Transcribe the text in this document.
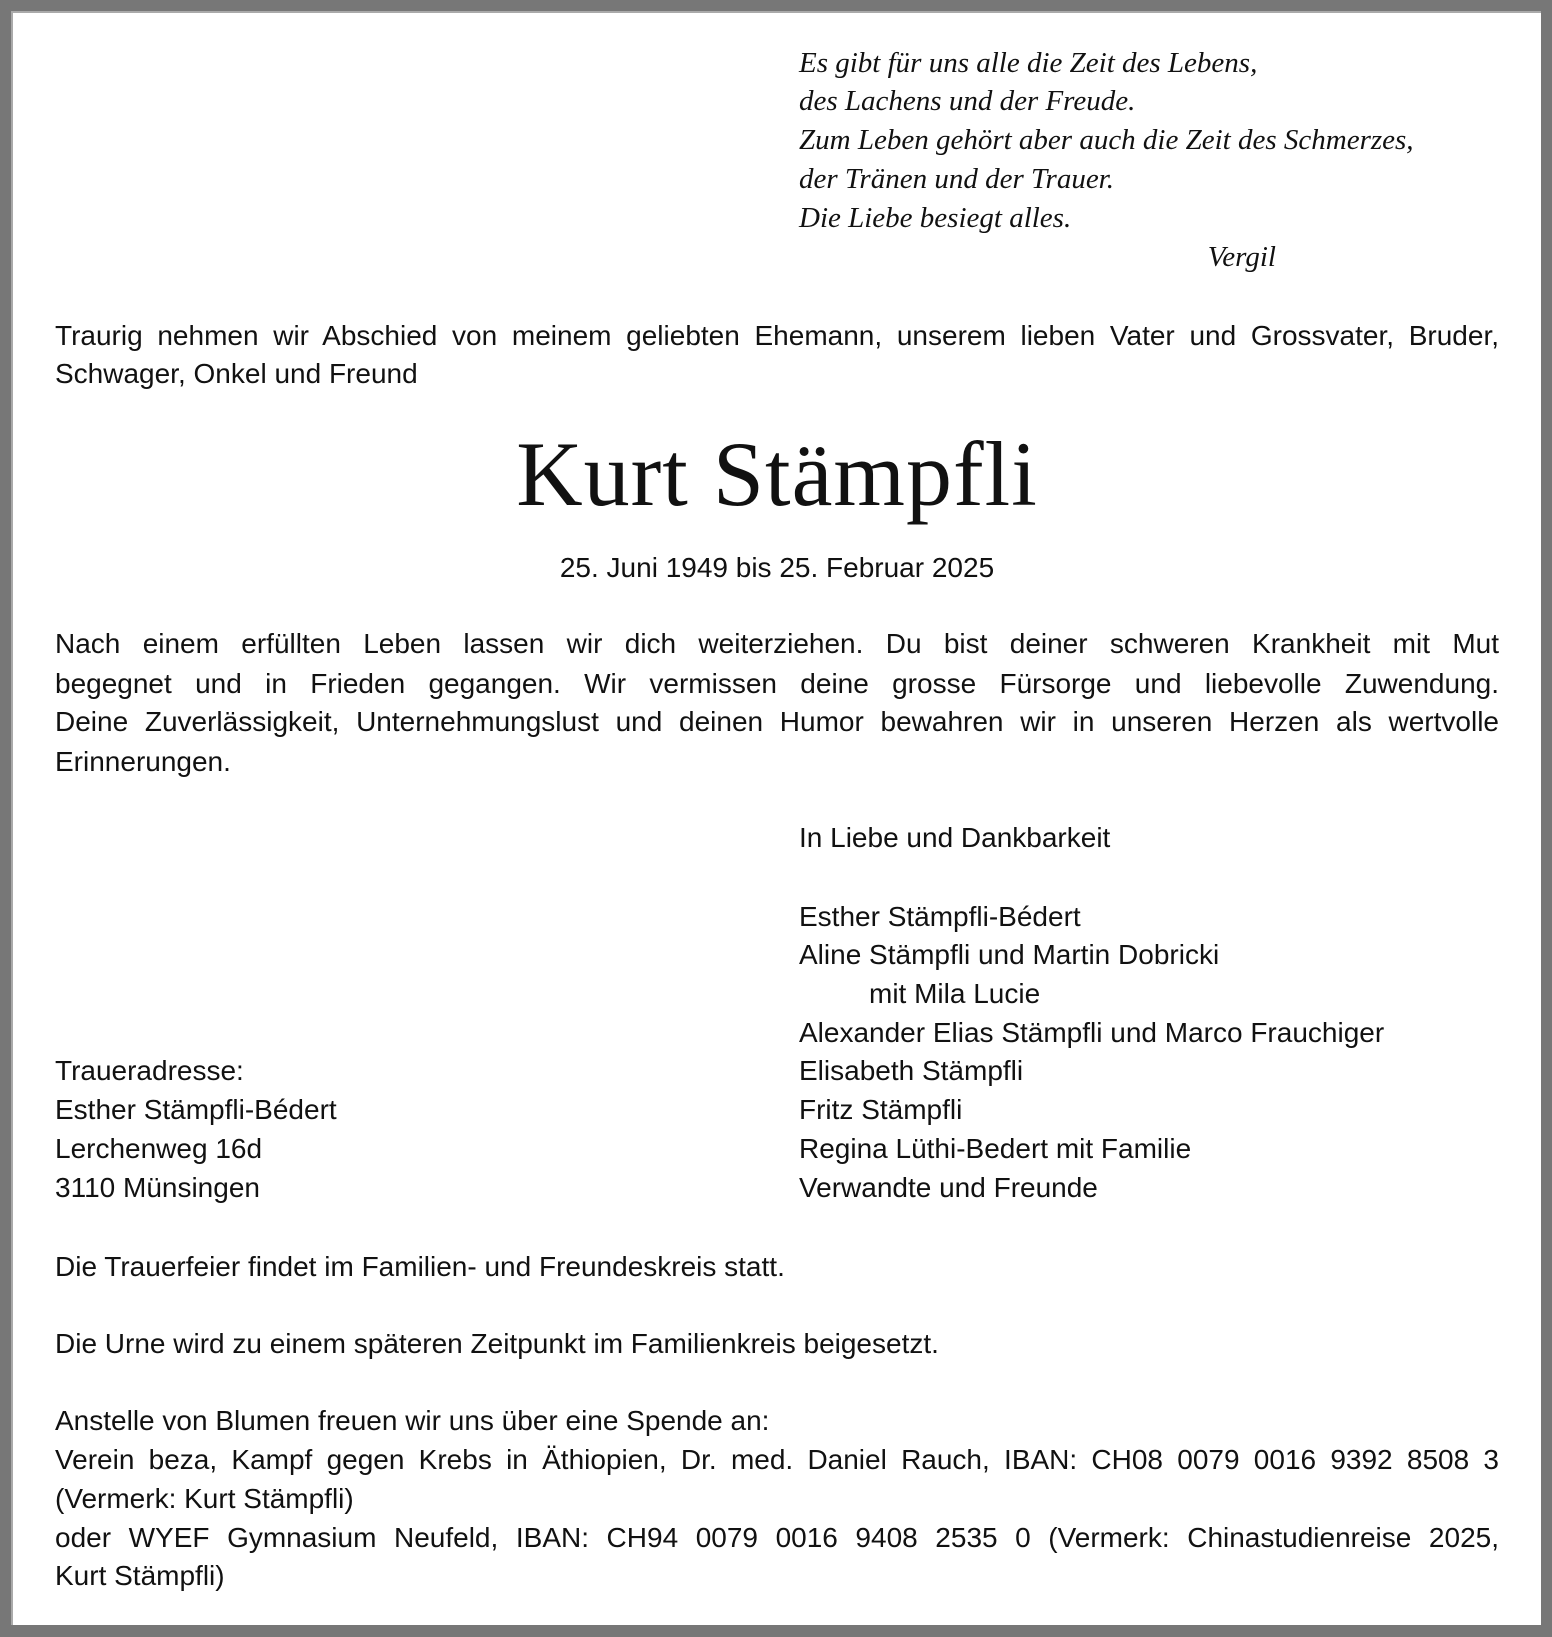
Es gibt für uns alle die Zeit des Lebens,
des Lachens und der Freude.
Zum Leben gehört aber auch die Zeit des Schmerzes,
der Tränen und der Trauer.
Die Liebe besiegt alles.
Vergil
Traurig nehmen wir Abschied von meinem geliebten Ehemann, unserem lieben Vater und Grossvater, Bruder,
Schwager, Onkel und Freund
Kurt Stämpfli
25. Juni 1949 bis 25. Februar 2025
Nach einem erfüllten Leben lassen wir dich weiterziehen. Du bist deiner schweren Krankheit mit Mut
begegnet und in Frieden gegangen. Wir vermissen deine grosse Fürsorge und liebevolle Zuwendung.
Deine Zuverlässigkeit, Unternehmungslust und deinen Humor bewahren wir in unseren Herzen als wertvolle
Erinnerungen.
In Liebe und Dankbarkeit
Esther Stämpfli-Bédert
Aline Stämpfli und Martin Dobricki
mit Mila Lucie
Alexander Elias Stämpfli und Marco Frauchiger
Elisabeth Stämpfli
Fritz Stämpfli
Regina Lüthi-Bedert mit Familie
Verwandte und Freunde
Traueradresse:
Esther Stämpfli-Bédert
Lerchenweg 16d
3110 Münsingen
Die Trauerfeier findet im Familien- und Freundeskreis statt.
Die Urne wird zu einem späteren Zeitpunkt im Familienkreis beigesetzt.
Anstelle von Blumen freuen wir uns über eine Spende an:
Verein beza, Kampf gegen Krebs in Äthiopien, Dr. med. Daniel Rauch, IBAN: CH08 0079 0016 9392 8508 3
(Vermerk: Kurt Stämpfli)
oder WYEF Gymnasium Neufeld, IBAN: CH94 0079 0016 9408 2535 0 (Vermerk: Chinastudienreise 2025,
Kurt Stämpfli)
